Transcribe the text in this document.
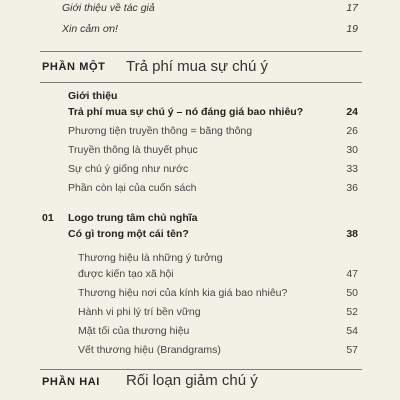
Giới thiệu về tác giả	17
Xin cảm ơn!	19
PHẦN MỘT Trả phí mua sự chú ý
Giới thiệu
Trả phí mua sự chú ý – nó đáng giá bao nhiêu?	24
Phương tiện truyền thông = băng thông	26
Truyền thông là thuyết phục	30
Sự chú ý giống như nước	33
Phần còn lại của cuốn sách	36
01 Logo trung tâm chủ nghĩa
Có gì trong một cái tên?	38
Thương hiệu là những ý tưởng
được kiến tạo xã hội	47
Thương hiệu nơi của kính kia giá bao nhiêu?	50
Hành vi phi lý trí bền vững	52
Mặt tối của thương hiệu	54
Vết thương hiệu (Brandgrams)	57
PHẦN HAI Rối loạn giảm chú ý
